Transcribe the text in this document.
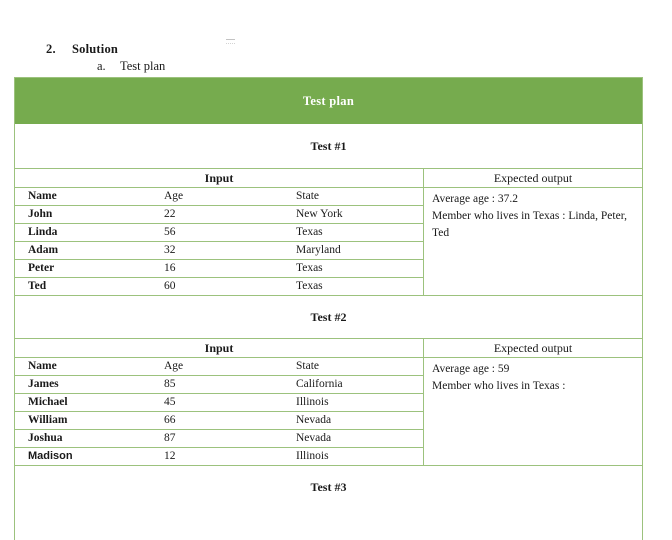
2. Solution
a. Test plan
Test plan
Test #1
Input
Name	Age	State
John	22	New York
Linda	56	Texas
Adam	32	Maryland
Peter	16	Texas
Ted	60	Texas
Expected output
Average age : 37.2
Member who lives in Texas : Linda, Peter, Ted
Test #2
Input
Name	Age	State
James	85	California
Michael	45	Illinois
William	66	Nevada
Joshua	87	Nevada
Madison	12	Illinois
Expected output
Average age : 59
Member who lives in Texas :
Test #3
